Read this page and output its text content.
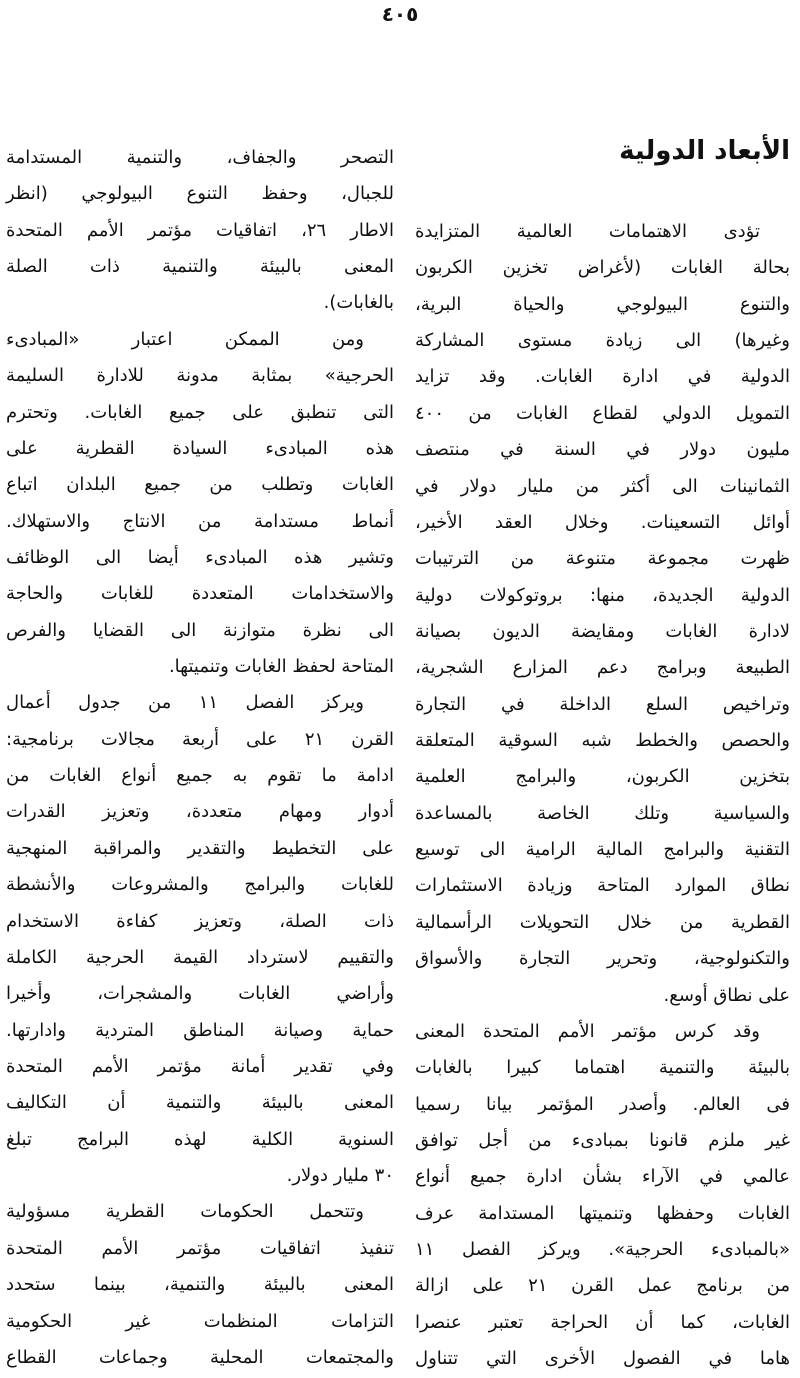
٤٠٥
الأبعاد الدولية
تؤدى الاهتمامات العالمية المتزايدة
بحالة الغابات (لأغراض تخزين الكربون
والتنوع البيولوجي والحياة البرية،
وغيرها) الى زيادة مستوى المشاركة
الدولية في ادارة الغابات. وقد تزايد
التمويل الدولي لقطاع الغابات من ٤٠٠
مليون دولار في السنة في منتصف
الثمانينات الى أكثر من مليار دولار في
أوائل التسعينات. وخلال العقد الأخير،
ظهرت مجموعة متنوعة من الترتيبات
الدولية الجديدة، منها: بروتوكولات دولية
لادارة الغابات ومقايضة الديون بصيانة
الطبيعة وبرامج دعم المزارع الشجرية،
وتراخيص السلع الداخلة في التجارة
والحصص والخطط شبه السوقية المتعلقة
بتخزين الكربون، والبرامج العلمية
والسياسية وتلك الخاصة بالمساعدة
التقنية والبرامج المالية الرامية الى توسيع
نطاق الموارد المتاحة وزيادة الاستثمارات
القطرية من خلال التحويلات الرأسمالية
والتكنولوجية، وتحرير التجارة والأسواق
على نطاق أوسع.
وقد كرس مؤتمر الأمم المتحدة المعنى
بالبيئة والتنمية اهتماما كبيرا بالغابات
فى العالم. وأصدر المؤتمر بيانا رسميا
غير ملزم قانونا بمبادىء من أجل توافق
عالمي في الآراء بشأن ادارة جميع أنواع
الغابات وحفظها وتنميتها المستدامة عرف
«بالمبادىء الحرجية». ويركز الفصل ١١
من برنامج عمل القرن ٢١ على ازالة
الغابات، كما أن الحراجة تعتبر عنصرا
هاما في الفصول الأخرى التي تتناول
التصحر والجفاف، والتنمية المستدامة
للجبال، وحفظ التنوع البيولوجي (انظر
الاطار ٢٦، اتفاقيات مؤتمر الأمم المتحدة
المعنى بالبيئة والتنمية ذات الصلة
بالغابات).
ومن الممكن اعتبار «المبادىء
الحرجية» بمثابة مدونة للادارة السليمة
التى تنطبق على جميع الغابات. وتحترم
هذه المبادىء السيادة القطرية على
الغابات وتطلب من جميع البلدان اتباع
أنماط مستدامة من الانتاج والاستهلاك.
وتشير هذه المبادىء أيضا الى الوظائف
والاستخدامات المتعددة للغابات والحاجة
الى نظرة متوازنة الى القضايا والفرص
المتاحة لحفظ الغابات وتنميتها.
ويركز الفصل ١١ من جدول أعمال
القرن ٢١ على أربعة مجالات برنامجية:
ادامة ما تقوم به جميع أنواع الغابات من
أدوار ومهام متعددة، وتعزيز القدرات
على التخطيط والتقدير والمراقبة المنهجية
للغابات والبرامج والمشروعات والأنشطة
ذات الصلة، وتعزيز كفاءة الاستخدام
والتقييم لاسترداد القيمة الحرجية الكاملة
وأراضي الغابات والمشجرات، وأخيرا
حماية وصيانة المناطق المتردية وادارتها.
وفي تقدير أمانة مؤتمر الأمم المتحدة
المعنى بالبيئة والتنمية أن التكاليف
السنوية الكلية لهذه البرامج تبلغ
٣٠ مليار دولار.
وتتحمل الحكومات القطرية مسؤولية
تنفيذ اتفاقيات مؤتمر الأمم المتحدة
المعنى بالبيئة والتنمية، بينما ستحدد
التزامات المنظمات غير الحكومية
والمجتمعات المحلية وجماعات القطاع
